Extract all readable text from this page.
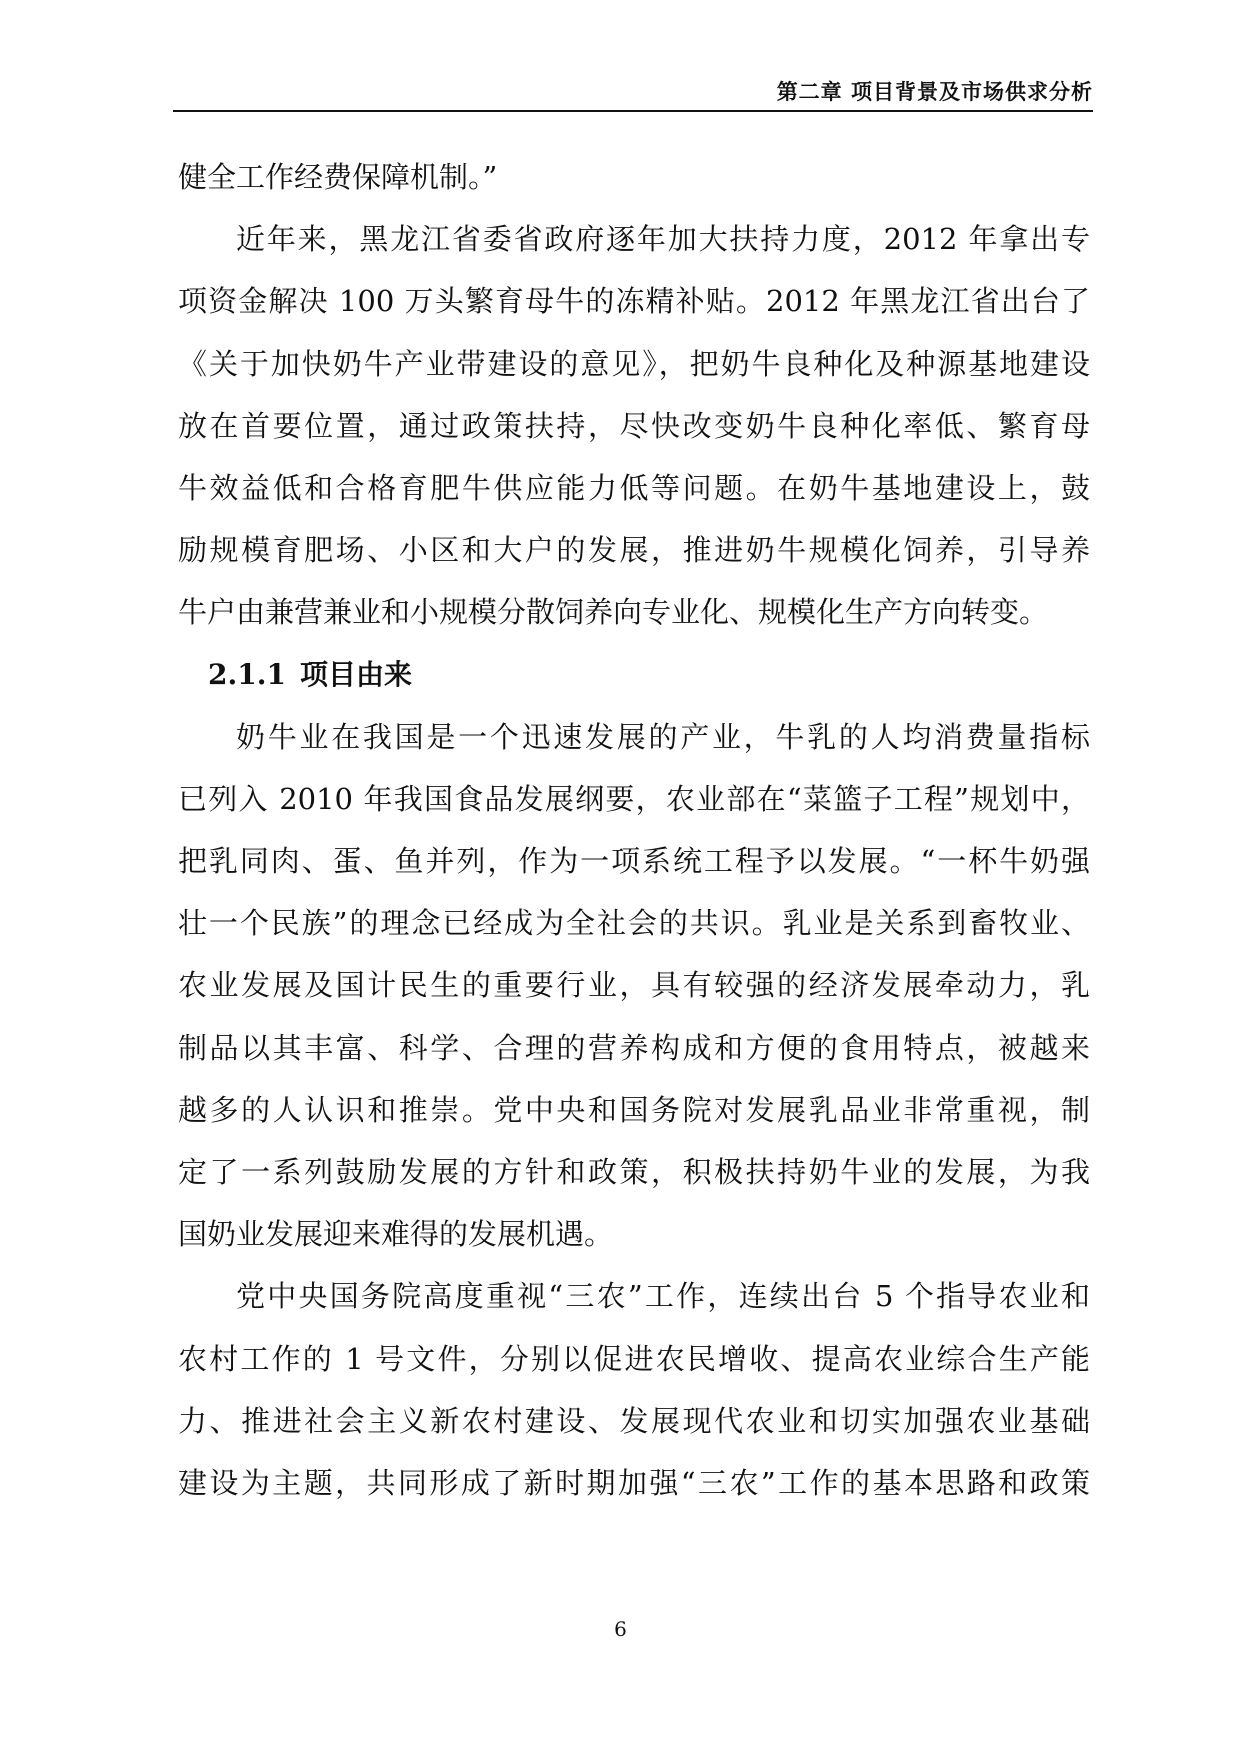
第二章 项目背景及市场供求分析
健全工作经费保障机制。”
近年来，黑龙江省委省政府逐年加大扶持力度，2012 年拿出专
项资金解决 100 万头繁育母牛的冻精补贴。2012 年黑龙江省出台了
《关于加快奶牛产业带建设的意见》，把奶牛良种化及种源基地建设
放在首要位置，通过政策扶持，尽快改变奶牛良种化率低、繁育母
牛效益低和合格育肥牛供应能力低等问题。在奶牛基地建设上，鼓
励规模育肥场、小区和大户的发展，推进奶牛规模化饲养，引导养
牛户由兼营兼业和小规模分散饲养向专业化、规模化生产方向转变。
2.1.1 项目由来
奶牛业在我国是一个迅速发展的产业，牛乳的人均消费量指标
已列入 2010 年我国食品发展纲要，农业部在“菜篮子工程”规划中，
把乳同肉、蛋、鱼并列，作为一项系统工程予以发展。“一杯牛奶强
壮一个民族”的理念已经成为全社会的共识。乳业是关系到畜牧业、
农业发展及国计民生的重要行业，具有较强的经济发展牵动力，乳
制品以其丰富、科学、合理的营养构成和方便的食用特点，被越来
越多的人认识和推崇。党中央和国务院对发展乳品业非常重视，制
定了一系列鼓励发展的方针和政策，积极扶持奶牛业的发展，为我
国奶业发展迎来难得的发展机遇。
党中央国务院高度重视“三农”工作，连续出台 5 个指导农业和
农村工作的 1 号文件，分别以促进农民增收、提高农业综合生产能
力、推进社会主义新农村建设、发展现代农业和切实加强农业基础
建设为主题，共同形成了新时期加强“三农”工作的基本思路和政策
6
